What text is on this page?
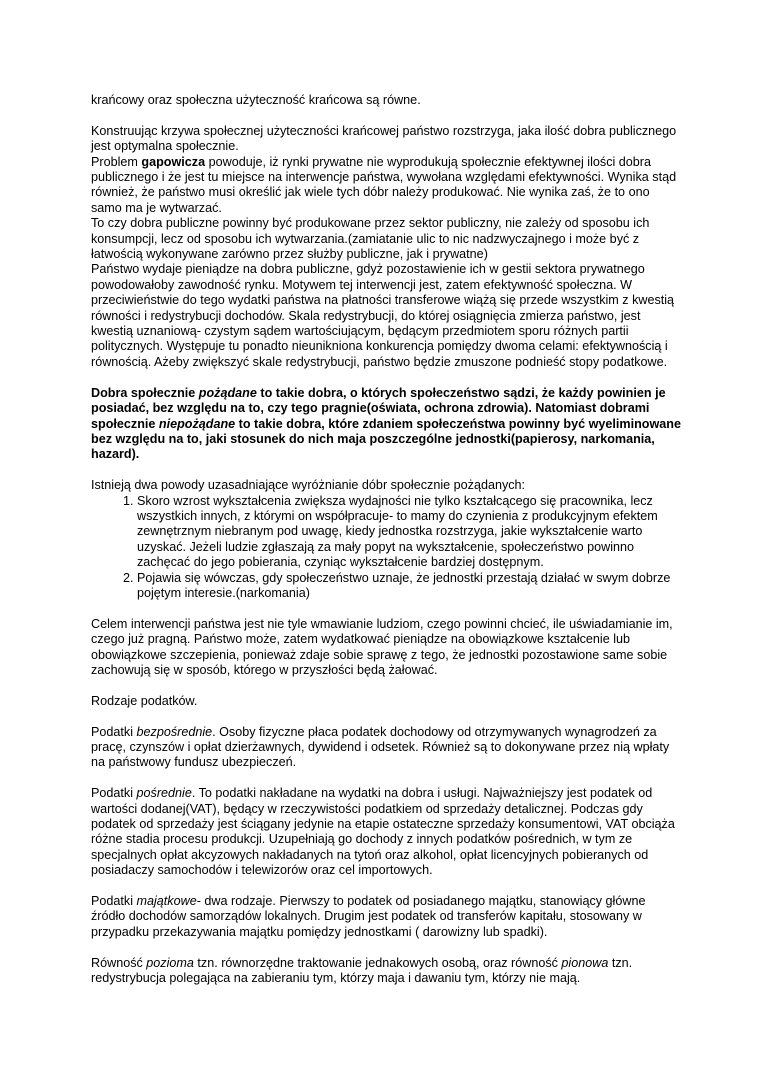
krańcowy oraz społeczna użyteczność krańcowa są równe.

Konstruując krzywa społecznej użyteczności krańcowej państwo rozstrzyga, jaka ilość dobra publicznego jest optymalna społecznie.

Problem gapowicza powoduje, iż rynki prywatne nie wyprodukują społecznie efektywnej ilości dobra publicznego i że jest tu miejsce na interwencje państwa, wywołana względami efektywności. Wynika stąd również, że państwo musi określić jak wiele tych dóbr należy produkować. Nie wynika zaś, że to ono samo ma je wytwarzać.

To czy dobra publiczne powinny być produkowane przez sektor publiczny, nie zależy od sposobu ich konsumpcji, lecz od sposobu ich wytwarzania.(zamiatanie ulic to nic nadzwyczajnego i może być z łatwością wykonywane zarówno przez służby publiczne, jak i prywatne)

Państwo wydaje pieniądze na dobra publiczne, gdyż pozostawienie ich w gestii sektora prywatnego powodowałoby zawodność rynku. Motywem tej interwencji jest, zatem efektywność społeczna. W przeciwieństwie do tego wydatki państwa na płatności transferowe wiążą się przede wszystkim z kwestią równości i redystrybucji dochodów. Skala redystrybucji, do której osiągnięcia zmierza państwo, jest kwestią uznaniową- czystym sądem wartościującym, będącym przedmiotem sporu różnych partii politycznych. Występuje tu ponadto nieunikniona konkurencja pomiędzy dwoma celami: efektywnością i równością. Ażeby zwiększyć skale redystrybucji, państwo będzie zmuszone podnieść stopy podatkowe.

Dobra społecznie pożądane to takie dobra, o których społeczeństwo sądzi, że każdy powinien je posiadać, bez względu na to, czy tego pragnie(oświata, ochrona zdrowia). Natomiast dobrami społecznie niepożądane to takie dobra, które zdaniem społeczeństwa powinny być wyeliminowane bez względu na to, jaki stosunek do nich maja poszczególne jednostki(papierosy, narkomania, hazard).

Istnieją dwa powody uzasadniające wyróżnianie dóbr społecznie pożądanych:

1. Skoro wzrost wykształcenia zwiększa wydajności nie tylko kształcącego się pracownika, lecz wszystkich innych, z którymi on współpracuje- to mamy do czynienia z produkcyjnym efektem zewnętrznym niebranym pod uwagę, kiedy jednostka rozstrzyga, jakie wykształcenie warto uzyskać. Jeżeli ludzie zgłaszają za mały popyt na wykształcenie, społeczeństwo powinno zachęcać do jego pobierania, czyniąc wykształcenie bardziej dostępnym.
2. Pojawia się wówczas, gdy społeczeństwo uznaje, że jednostki przestają działać w swym dobrze pojętym interesie.(narkomania)

Celem interwencji państwa jest nie tyle wmawianie ludziom, czego powinni chcieć, ile uświadamianie im, czego już pragną. Państwo może, zatem wydatkować pieniądze na obowiązkowe kształcenie lub obowiązkowe szczepienia, ponieważ zdaje sobie sprawę z tego, że jednostki pozostawione same sobie zachowują się w sposób, którego w przyszłości będą żałować.

Rodzaje podatków.

Podatki bezpośrednie. Osoby fizyczne płaca podatek dochodowy od otrzymywanych wynagrodzeń za pracę, czynszów i opłat dzierżawnych, dywidend i odsetek. Również są to dokonywane przez nią wpłaty na państwowy fundusz ubezpieczeń.

Podatki pośrednie. To podatki nakładane na wydatki na dobra i usługi. Najważniejszy jest podatek od wartości dodanej(VAT), będący w rzeczywistości podatkiem od sprzedaży detalicznej. Podczas gdy podatek od sprzedaży jest ściągany jedynie na etapie ostateczne sprzedaży konsumentowi, VAT obciąża różne stadia procesu produkcji. Uzupełniają go dochody z innych podatków pośrednich, w tym ze specjalnych opłat akcyzowych nakładanych na tytoń oraz alkohol, opłat licencyjnych pobieranych od posiadaczy samochodów i telewizorów oraz cel importowych.

Podatki majątkowe- dwa rodzaje. Pierwszy to podatek od posiadanego majątku, stanowiący główne źródło dochodów samorządów lokalnych. Drugim jest podatek od transferów kapitału, stosowany w przypadku przekazywania majątku pomiędzy jednostkami ( darowizny lub spadki).

Równość pozioma tzn. równorzędne traktowanie jednakowych osobą, oraz równość pionowa tzn. redystrybucja polegająca na zabieraniu tym, którzy maja i dawaniu tym, którzy nie mają.
